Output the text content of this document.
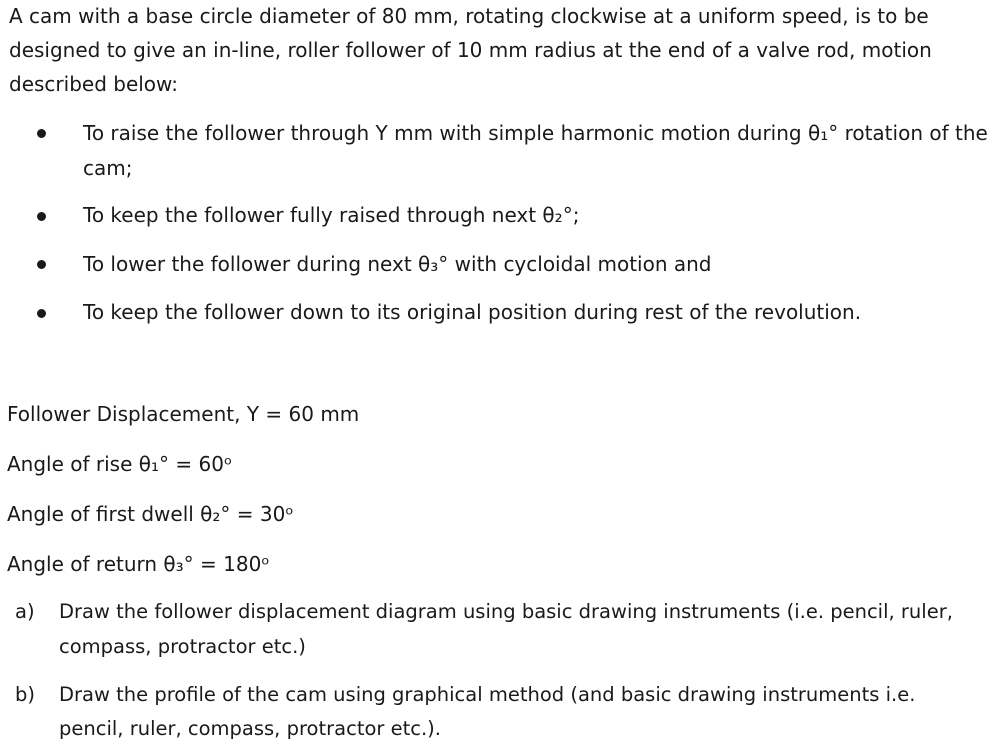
A cam with a base circle diameter of 80 mm, rotating clockwise at a uniform speed, is to be
designed to give an in-line, roller follower of 10 mm radius at the end of a valve rod, motion
described below:
To raise the follower through Y mm with simple harmonic motion during θ₁° rotation of the
cam;
To keep the follower fully raised through next θ₂°;
To lower the follower during next θ₃° with cycloidal motion and
To keep the follower down to its original position during rest of the revolution.
Follower Displacement, Y = 60 mm
Angle of rise θ₁° = 60ᵒ
Angle of first dwell θ₂° = 30ᵒ
Angle of return θ₃° = 180ᵒ
a) Draw the follower displacement diagram using basic drawing instruments (i.e. pencil, ruler,
compass, protractor etc.)
b) Draw the profile of the cam using graphical method (and basic drawing instruments i.e.
pencil, ruler, compass, protractor etc.).
